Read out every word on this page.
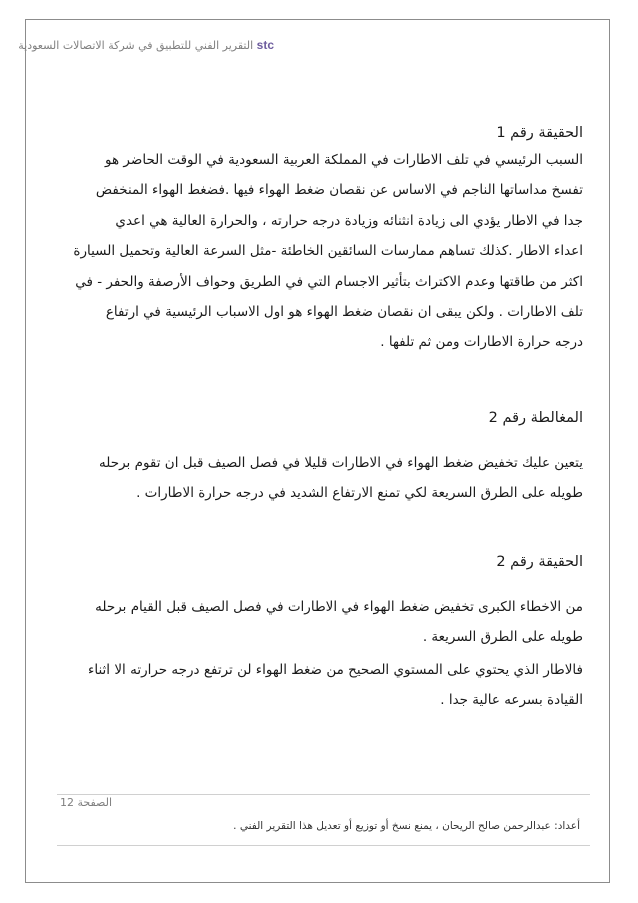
stc التقرير الفني للتطبيق في شركة الاتصالات السعودية
الحقيقة رقم 1
السبب الرئيسي في تلف الاطارات في المملكة العربية السعودية في الوقت الحاضر هو
تفسخ مداساتها الناجم في الاساس عن نقصان ضغط الهواء فيها .فضغط الهواء المنخفض
جدا في الاطار يؤدي الى زيادة انثنائه وزيادة درجه حرارته ، والحرارة العالية هي اعدي
اعداء الاطار .كذلك تساهم ممارسات السائقين الخاطئة -مثل السرعة العالية وتحميل السيارة
اكثر من طاقتها وعدم الاكتراث بتأثير الاجسام التي في الطريق وحواف الأرصفة والحفر - في
تلف الاطارات . ولكن يبقى ان نقصان ضغط الهواء هو اول الاسباب الرئيسية في ارتفاع
درجه حرارة الاطارات ومن ثم تلفها .
المغالطة رقم 2
يتعين عليك تخفيض ضغط الهواء في الاطارات قليلا في فصل الصيف قبل ان تقوم برحله
طويله على الطرق السريعة لكي تمنع الارتفاع الشديد في درجه حرارة الاطارات .
الحقيقة رقم 2
من الاخطاء الكبرى تخفيض ضغط الهواء في الاطارات في فصل الصيف قبل القيام برحله
طويله على الطرق السريعة .
فالاطار الذي يحتوي على المستوي الصحيح من ضغط الهواء لن ترتفع درجه حرارته الا اثناء
القيادة بسرعه عالية جدا .
الصفحة 12
أعداد: عبدالرحمن صالح الريحان ، يمنع نسخ أو توزيع أو تعديل هذا التقرير الفني .
